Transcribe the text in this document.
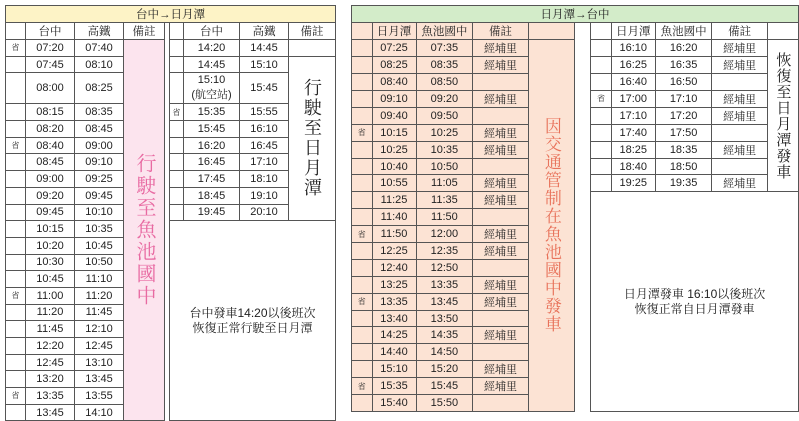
台中→日月潭								
	台中	高鐵	備註			台中	高鐵	備註
省	07:20	07:40	行駛至魚池國中			14:20	14:45	
	07:45	08:10				14:45	15:10	行駛至日月潭
	08:00	08:25				15:10
(航空站)	15:45	
	08:15	08:35			省	15:35	15:55	
	08:20	08:45				15:45	16:10	
省	08:40	09:00				16:20	16:45	
	08:45	09:10				16:45	17:10	
	09:00	09:25				17:45	18:10	
	09:20	09:45				18:45	19:10	
	09:45	10:10				19:45	20:10	
	10:15	10:35			台中發車14:20以後班次
恢復正常行駛至日月潭			

	10:20	10:45						
	10:30	10:50						
	10:45	11:10						
省	11:00	11:20						
	11:20	11:45						
	11:45	12:10						
	12:20	12:45						
	12:45	13:10						
	13:20	13:45						
省	13:35	13:55						
	13:45	14:10						
日月潭→台中										
	日月潭	魚池國中	備註				日月潭	魚池國中	備註	
	07:25	07:35	經埔里	因交通管制在魚池國中發車			16:10	16:20	經埔里	恢復至日月潭發車
	08:25	08:35	經埔里				16:25	16:35	經埔里	
	08:40	08:50					16:40	16:50		
	09:10	09:20	經埔里			省	17:00	17:10	經埔里	
	09:40	09:50					17:10	17:20	經埔里	
省	10:15	10:25	經埔里				17:40	17:50		
	10:25	10:35	經埔里				18:25	18:35	經埔里	
	10:40	10:50					18:40	18:50		
	10:55	11:05	經埔里				19:25	19:35	經埔里	
	11:25	11:35	經埔里			日月潭發車 16:10以後班次
恢復正常自日月潭發車				

	11:40	11:50								
省	11:50	12:00	經埔里							
	12:25	12:35	經埔里							
	12:40	12:50								
	13:25	13:35	經埔里							
省	13:35	13:45	經埔里							
	13:40	13:50								
	14:25	14:35	經埔里							
	14:40	14:50								
	15:10	15:20	經埔里							
省	15:35	15:45	經埔里							
	15:40	15:50								
